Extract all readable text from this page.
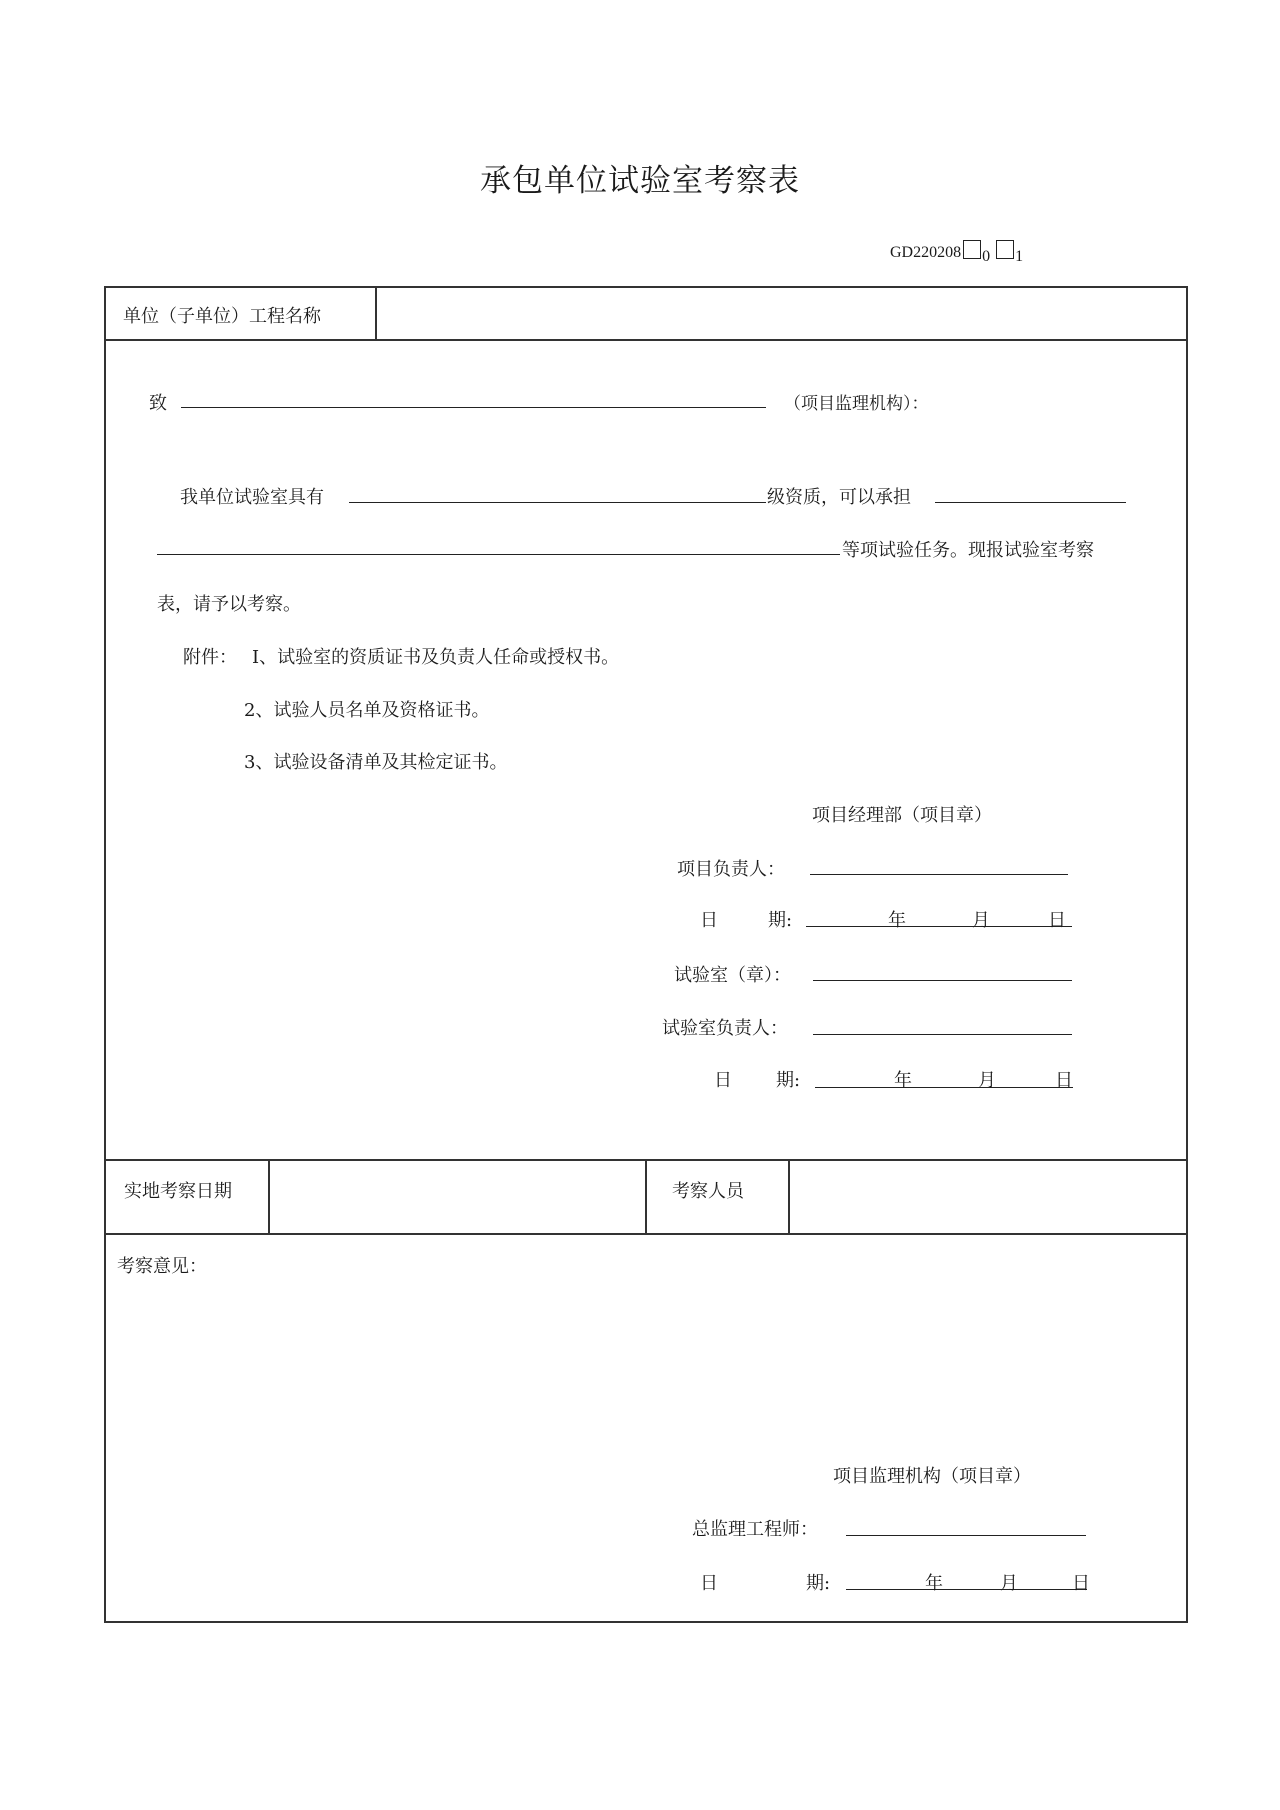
承包单位试验室考察表
GD220208 0 1
单位（子单位）工程名称
致	（项目监理机构）：
我单位试验室具有	级资质，可以承担
等项试验任务。现报试验室考察
表，请予以考察。
附件： I、试验室的资质证书及负责人任命或授权书。
2、试验人员名单及资格证书。
3、试验设备清单及其检定证书。
项目经理部（项目章）
项目负责人：
日	期:	年	月	日
试验室（章）：
试验室负责人：
日 期:	年	月	日
实地考察日期	考察人员
考察意见：
项目监理机构（项目章）
总监理工程师：
日	期:	年	月	日
